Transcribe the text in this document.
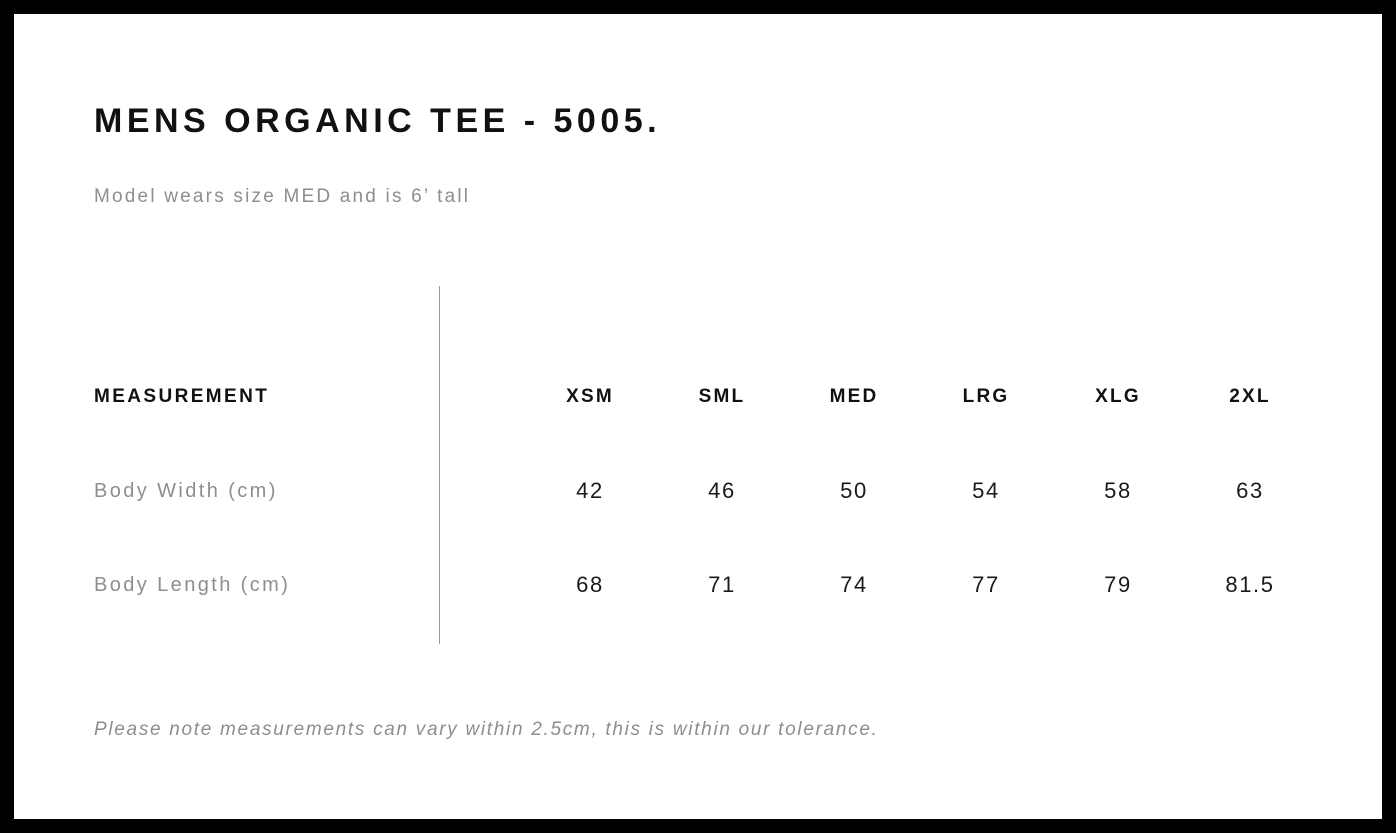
MENS ORGANIC TEE - 5005.
Model wears size MED and is 6’ tall
MEASUREMENT	XSM	SML	MED	LRG	XLG	2XL
Body Width (cm)	42	46	50	54	58	63
Body Length (cm)	68	71	74	77	79	81.5
Please note measurements can vary within 2.5cm, this is within our tolerance.
